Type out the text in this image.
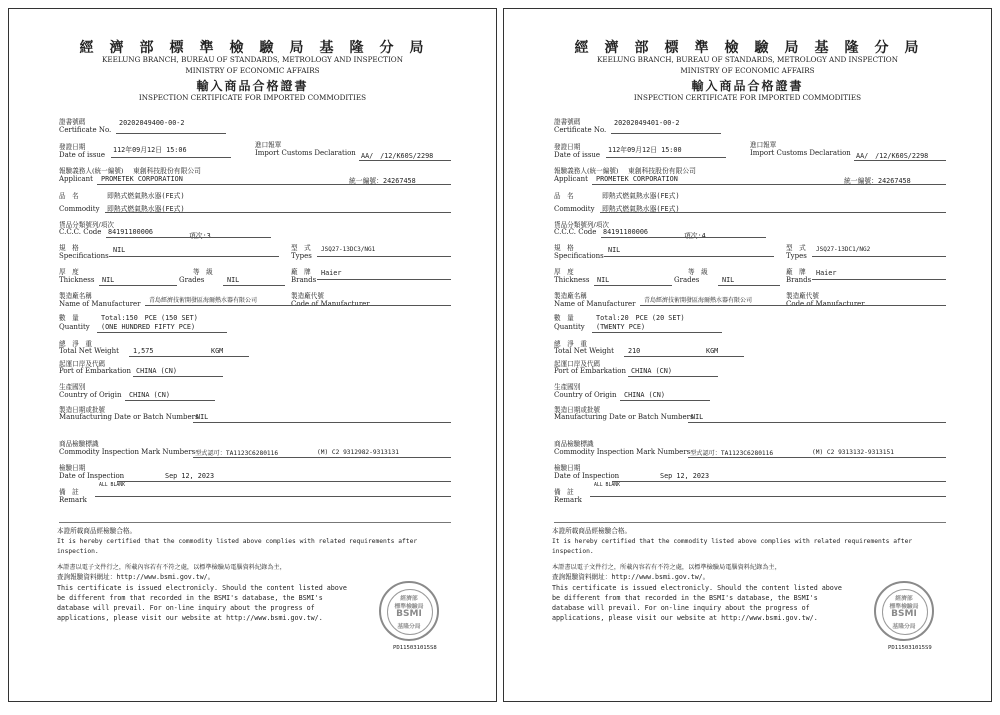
經濟部標準檢驗局基隆分局
KEELUNG BRANCH, BUREAU OF STANDARDS, METROLOGY AND INSPECTION
MINISTRY OF ECONOMIC AFFAIRS
輸入商品合格證書
INSPECTION CERTIFICATE FOR IMPORTED COMMODITIES
證書號碼
Certificate No.
20202049400-00-2
發證日期
Date of issue
112年09月12日 15:06
進口報單
Import Customs Declaration AA/　/12/K60S/2298
報驗義務人(統一編號) 東創科技股份有限公司
Applicant PROMETEK CORPORATION	統一編號：24267458
品　名	即熱式燃氣熱水器(FE式)
Commodity 即熱式燃氣熱水器(FE式)
貨品分類號列/項次
C.C.C. Code 84191100006	項次:3
規　格
Specifications
NIL	型　式
Types
JSQ27-13DC3/NG1
厚　度
Thickness NIL
等　級
Grades	NIL
廠　牌
Brands
Haier
製造廠名稱
Name of Manufacturer 青島經濟技術開發區海爾熱水器有限公司
製造廠代號
Code of Manufacturer
數　量	Total:150　PCE (150 SET)
Quantity (ONE HUNDRED FIFTY PCE)
總　淨　重
Total Net Weight 1,575	KGM
起運口岸及代碼
Port of Embarkation CHINA (CN)
生產國別
Country of Origin CHINA (CN)
製造日期或批號
Manufacturing Date or Batch Numbers
NIL
商品檢驗標識
Commodity Inspection Mark Numbers 型式認可：TA1123C6280116	(M) C2 9312982-9313131
檢驗日期
Date of Inspection	Sep 12, 2023
備　註
ALL BLANK
Remark
本證所載商品經檢驗合格。
It is hereby certified that the commodity listed above complies with related requirements after
inspection.
本證書以電子文件行之，所載內容若有不符之處，以標準檢驗局電腦資料紀錄為主，
查詢報驗資料網址：http://www.bsmi.gov.tw/。
This certificate is issued electronicly. Should the content listed above
be different from that recorded in the BSMI's database, the BSMI's
database will prevail. For on-line inquiry about the progress of
applications, please visit our website at http://www.bsmi.gov.tw/.
經濟部
標準檢驗局
BSMI
基隆分局
PD115031015S8
經濟部標準檢驗局基隆分局
KEELUNG BRANCH, BUREAU OF STANDARDS, METROLOGY AND INSPECTION
MINISTRY OF ECONOMIC AFFAIRS
輸入商品合格證書
INSPECTION CERTIFICATE FOR IMPORTED COMMODITIES
證書號碼
Certificate No.
20202049401-00-2
發證日期
Date of issue
112年09月12日 15:00
進口報單
Import Customs Declaration AA/　/12/K60S/2298
報驗義務人(統一編號) 東創科技股份有限公司
Applicant PROMETEK CORPORATION	統一編號：24267458
品　名	即熱式燃氣熱水器(FE式)
Commodity 即熱式燃氣熱水器(FE式)
貨品分類號列/項次
C.C.C. Code 84191100006	項次:4
規　格
Specifications
NIL	型　式
Types
JSQ27-13DC1/NG2
厚　度
Thickness NIL
等　級
Grades	NIL
廠　牌
Brands
Haier
製造廠名稱
Name of Manufacturer 青島經濟技術開發區海爾熱水器有限公司
製造廠代號
Code of Manufacturer
數　量	Total:20　PCE (20 SET)
Quantity (TWENTY PCE)
總　淨　重
Total Net Weight 210	KGM
起運口岸及代碼
Port of Embarkation CHINA (CN)
生產國別
Country of Origin CHINA (CN)
製造日期或批號
Manufacturing Date or Batch Numbers
NIL
商品檢驗標識
Commodity Inspection Mark Numbers 型式認可：TA1123C6280116	(M) C2 9313132-9313151
檢驗日期
Date of Inspection	Sep 12, 2023
備　註
ALL BLANK
Remark
本證所載商品經檢驗合格。
It is hereby certified that the commodity listed above complies with related requirements after
inspection.
本證書以電子文件行之，所載內容若有不符之處，以標準檢驗局電腦資料紀錄為主，
查詢報驗資料網址：http://www.bsmi.gov.tw/。
This certificate is issued electronicly. Should the content listed above
be different from that recorded in the BSMI's database, the BSMI's
database will prevail. For on-line inquiry about the progress of
applications, please visit our website at http://www.bsmi.gov.tw/.
經濟部
標準檢驗局
BSMI
基隆分局
PD115031015S9
